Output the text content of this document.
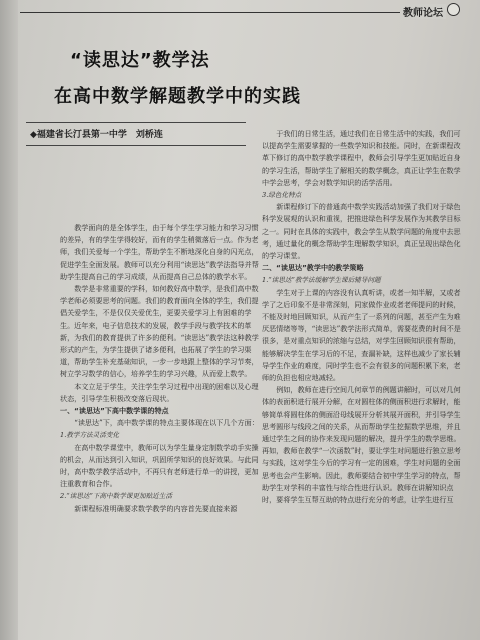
教师论坛
“读思达”教学法
在高中数学解题教学中的实践
◆福建省长汀县第一中学　刘桥连

教学面向的是全体学生，由于每个学生学习能力和学习习惯的差异，有的学生学得较好，而有的学生稍微落后一点。作为老师，我们关爱每一个学生，帮助学生不断地深化自身的闪光点，促进学生全面发展。教师可以充分利用“读思达”教学法指导并帮助学生提高自己的学习成绩，从而提高自己总体的教学水平。

数学是非常重要的学科，如何教好高中数学，是我们高中数学老师必须要思考的问题。我们的教育面向全体的学生，我们提倡关爱学生，不是仅仅关爱优生，更要关爱学习上有困难的学生。近年来，电子信息技术的发展，教学手段与教学技术的革新，为我们的教育提供了许多的便利。“读思达”教学法这种教学形式的产生，为学生提供了诸多便利，也拓展了学生的学习渠道，帮助学生补充基础知识，一步一步地跟上整体的学习节奏，树立学习数学的信心，培养学生的学习兴趣，从而爱上数学。

本文立足于学生，关注学生学习过程中出现的困难以及心理状态，引导学生积极改变落后现状。

一、“读思达”下高中数学课的特点

“读思达”下，高中数学课的特点主要体现在以下几个方面：

1.教学方法灵活变化

在高中数学课堂中，教师可以为学生量身定制数学动手实操的机会，从而达到引入知识，巩固所学知识的良好效果。与此同时，高中数学教学活动中，不再只有老师进行单一的讲授，更加注重教育和合作。

2.“读思达”下高中数学课更加贴近生活

新课程标准明确要求数学教学的内容首先要直接来源

于我们的日常生活，通过我们在日常生活中的实践，我们可以提高学生需要掌握的一些数学知识和技能。同时，在新课程改革下修订的高中数学教学课程中，教师会引导学生更加贴近自身的学习生活，帮助学生了解相关的数学概念，真正让学生在数学中学会思考，学会对数学知识的活学活用。

3.绿色化特点

新课程修订下的普通高中数学实践活动加强了我们对于绿色科学发展观的认识和重视，把推进绿色科学发展作为其教学目标之一。同时在具体的实践中，教会学生从数学问题的角度中去思考，通过量化的概念帮助学生理解数学知识，真正呈现出绿色化的学习课堂。

二、“读思达”教学中的教学策略
1.“读思达”教学法缓解学生课后辅导问题

学生对于上课的内容没有认真听讲，或者一知半解，又或者学了之后印象不是非常深刻，同家做作业或者老师提问的时候，不能及时地回顾知识，从而产生了一系列的问题，甚至产生为难厌恶情绪等等，“读思达”教学法形式简单，需要花费的时间不是很多，是对重点知识的浓缩与总结，对学生回顾知识很有帮助，能够解决学生在学习后的不足，查漏补缺，这样也减少了家长辅导学生作业的难度，同时学生也不会有很多的问题积累下来，老师的负担也相应地减轻。

例如，教师在进行空间几何章节的例题讲解时，可以对几何体的表面积进行展开分解，在对圆柱体的侧面积进行求解时，能够简单将圆柱体的侧面沿母线展开分析其展开面积，并引导学生思考圆形与线段之间的关系，从而帮助学生挖掘数学思维，并且通过学生之间的协作来发现问题的解决，提升学生的数学思维。再如，教师在教学“一次函数”时，要让学生对问题进行独立思考与实践，这对学生今后的学习有一定的困难，学生对问题的全面思考也会产生影响。因此，教师要结合初中学生学习的特点，帮助学生对学科的丰富性与综合性进行认识。教师在讲解知识点时，要将学生互帮互助的特点进行充分的考虑，让学生进行互
